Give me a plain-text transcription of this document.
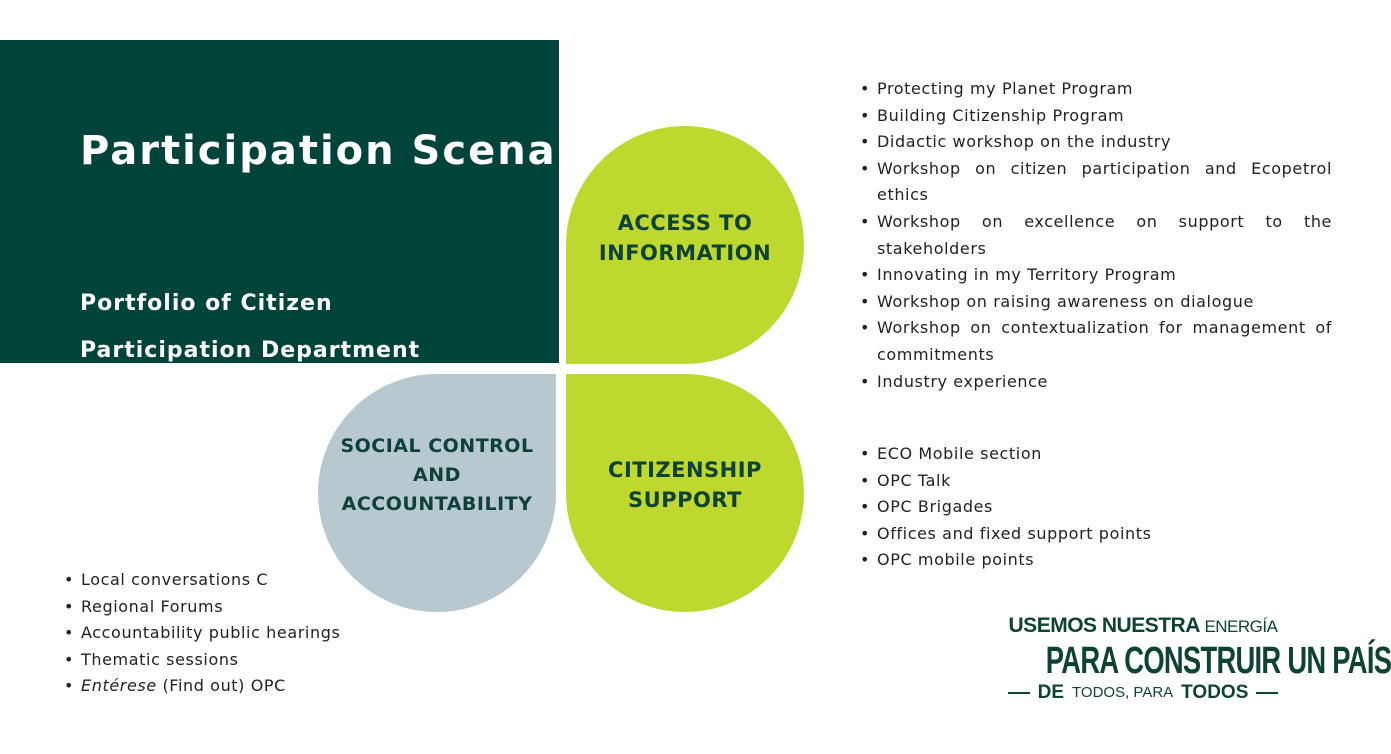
Participation Scenar
Portfolio of Citizen
Participation Department
ACCESS TO
INFORMATION
CITIZENSHIP
SUPPORT
SOCIAL CONTROL
AND
ACCOUNTABILITY
• Protecting my Planet Program
• Building Citizenship Program
• Didactic workshop on the industry
• Workshop on citizen participation and Ecopetrol ethics
• Workshop on excellence on support to the stakeholders
• Innovating in my Territory Program
• Workshop on raising awareness on dialogue
• Workshop on contextualization for management of commitments
• Industry experience
• ECO Mobile section
• OPC Talk
• OPC Brigades
• Offices and fixed support points
• OPC mobile points
• Local conversations C
• Regional Forums
• Accountability public hearings
• Thematic sessions
• Entérese (Find out) OPC
USEMOS NUESTRA ENERGÍA
PARA CONSTRUIR UN PAÍS
DE TODOS, PARA TODOS
